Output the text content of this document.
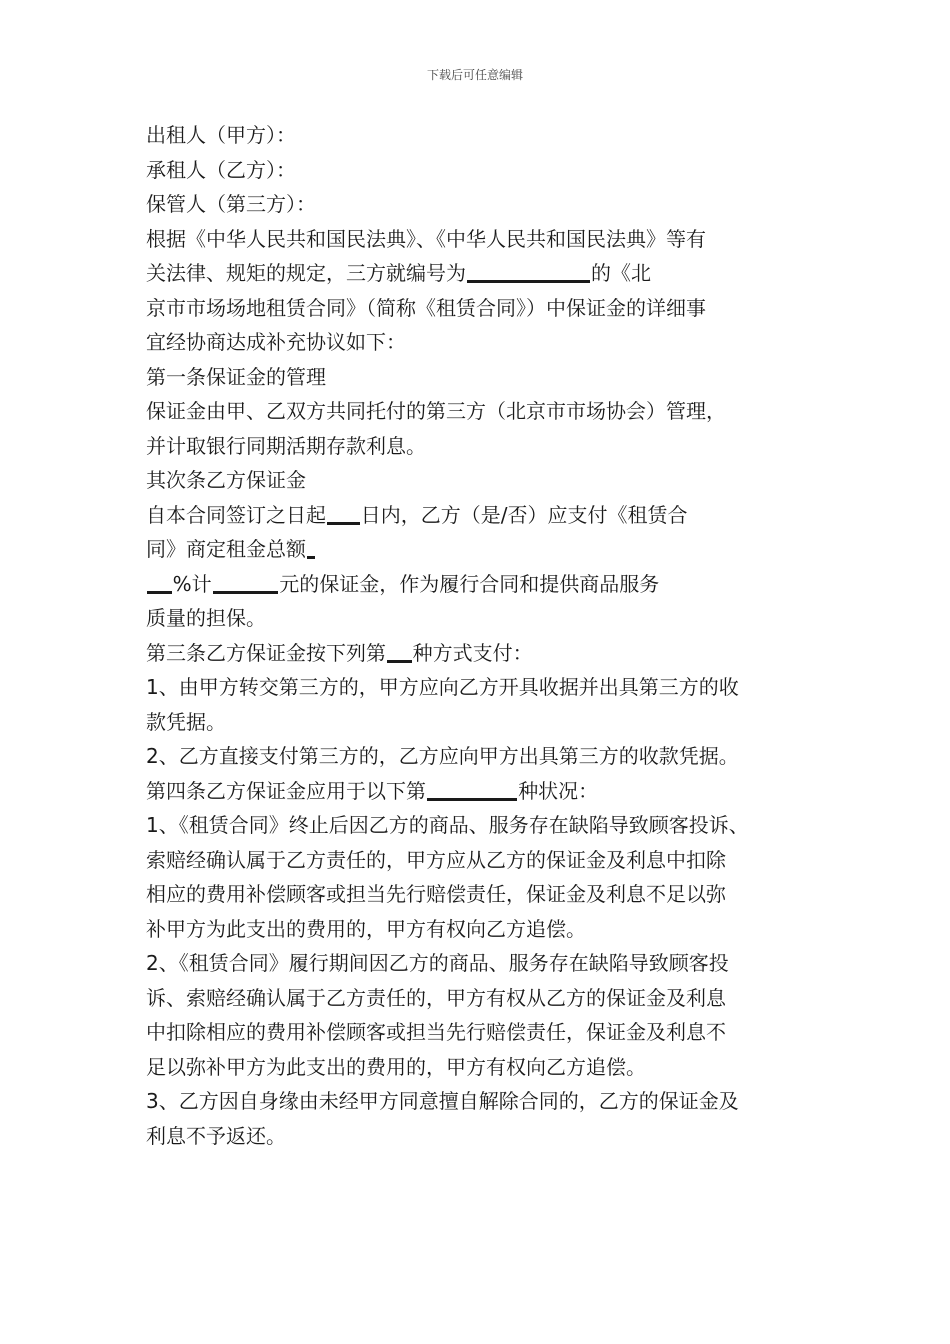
下载后可任意编辑
出租人（甲方）：
承租人（乙方）：
保管人（第三方）：
根据《中华人民共和国民法典》、《中华人民共和国民法典》等有
关法律、规矩的规定，三方就编号为	的《北
京市市场场地租赁合同》（简称《租赁合同》）中保证金的详细事
宜经协商达成补充协议如下：
第一条保证金的管理
保证金由甲、乙双方共同托付的第三方（北京市市场协会）管理，
并计取银行同期活期存款利息。
其次条乙方保证金
自本合同签订之日起 日内，乙方（是/否）应支付《租赁合
同》商定租金总额
%计	元的保证金，作为履行合同和提供商品服务
质量的担保。
第三条乙方保证金按下列第 种方式支付：
1、由甲方转交第三方的，甲方应向乙方开具收据并出具第三方的收
款凭据。
2、乙方直接支付第三方的，乙方应向甲方出具第三方的收款凭据。
第四条乙方保证金应用于以下第	种状况：
1、《租赁合同》终止后因乙方的商品、服务存在缺陷导致顾客投诉、
索赔经确认属于乙方责任的，甲方应从乙方的保证金及利息中扣除
相应的费用补偿顾客或担当先行赔偿责任，保证金及利息不足以弥
补甲方为此支出的费用的，甲方有权向乙方追偿。
2、《租赁合同》履行期间因乙方的商品、服务存在缺陷导致顾客投
诉、索赔经确认属于乙方责任的，甲方有权从乙方的保证金及利息
中扣除相应的费用补偿顾客或担当先行赔偿责任，保证金及利息不
足以弥补甲方为此支出的费用的，甲方有权向乙方追偿。
3、乙方因自身缘由未经甲方同意擅自解除合同的，乙方的保证金及
利息不予返还。
